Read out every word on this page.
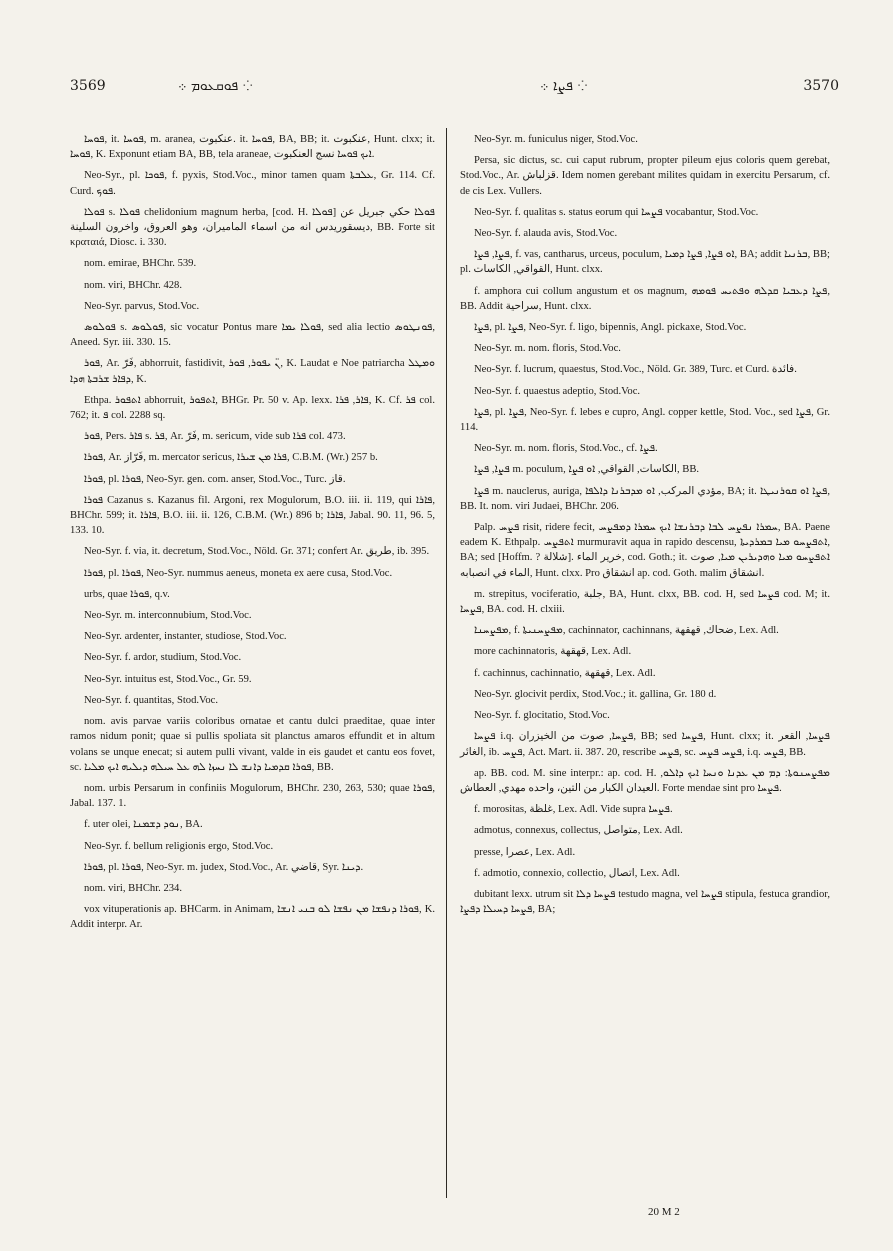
3569	⁘ ܦܘܩܥܘܡ ܀	⁘ ܦܨܐ ܀	3570

ܦܘܚܐ, it. ܦܘܚܐ, m. aranea, عنكبوت. it. ܦܘܚܐ, BA, BB; it. عنكبوت, Hunt. clxx; it. ܦܘܚܐ, K. Exponunt etiam BA, BB, tela araneae, ܐܝܟ ܦܘܚܐ نسج العنكبوت.

Neo-Syr., pl. ܦܘܟܐ, f. pyxis, Stod.Voc., minor tamen quam ܥܠܒܬܐ, Gr. 114. Cf. Curd. ܦܘܟ.

ܦܘܠܐ s. ܦܘܠܐ chelidonium magnum herba, [cod. H. ܦܘܠܐ] ܦܘܠܐ حكي جبريل عن ديسقوريدس انه من اسماء الماميران، وهو العروق، واخرون السلينة, BB. Forte sit κραταιά, Diosc. i. 330.

nom. emirae, BHChr. 539.

nom. viri, BHChr. 428.

Neo-Syr. parvus, Stod.Voc.

ܦܘܠܘܣ s. ܦܘܠܘܣ, sic vocatur Pontus mare ܦܘܠܐ ܝܡܐ, sed alia lectio ܦܘܢܛܘܣ, Aneed. Syr. iii. 330. 15.

ܦܘܪ, Ar. فَرّ, abhorruit, fastidivit, ܢ̈ ܝܦܘܪ, ܦܘܪ, K. Laudat e Noe patriarcha ܘܡܛܠ ܕܦܐܪ ܫܪܒܬܐ ܗܕܐ, K.

Ethpa. ܐܬܦܘܪ abhorruit, ܐܬܦܘܪ, BHGr. Pr. 50 v. Ap. lexx. ܦܐܪ, ܦܪܐ, K. Cf. ܦܪ col. 762; it. ܦ col. 2288 sq.

ܦܘܪ, Pers. ܦܐܪ s. ܦܪ, Ar. فَرّ, m. sericum, vide sub ܦܪܐ col. 473.

ܦܘܪܐ, Ar. فَرّاز, m. mercator sericus, ܦܪܐ ܡܢ ܫܝܪܐ, C.B.M. (Wr.) 257 b.

ܦܘܪܐ, pl. ܦܘܪܐ, Neo-Syr. gen. com. anser, Stod.Voc., Turc. قاز.

ܦܘܪܐ Cazanus s. Kazanus fil. Argoni, rex Mogulorum, B.O. iii. ii. 119, qui ܦܐܪܐ, BHChr. 599; it. ܦܐܪܐ, B.O. iii. ii. 126, C.B.M. (Wr.) 896 b; ܦܐܪܐ, Jabal. 90. 11, 96. 5, 133. 10.

Neo-Syr. f. via, it. decretum, Stod.Voc., Nöld. Gr. 371; confert Ar. طريق, ib. 395.

ܦܘܪܐ, pl. ܦܘܪܐ, Neo-Syr. nummus aeneus, moneta ex aere cusa, Stod.Voc.

urbs, quae ܦܘܪܐ, q.v.

Neo-Syr. m. interconnubium, Stod.Voc.

Neo-Syr. ardenter, instanter, studiose, Stod.Voc.

Neo-Syr. f. ardor, studium, Stod.Voc.

Neo-Syr. intuitus est, Stod.Voc., Gr. 59.

Neo-Syr. f. quantitas, Stod.Voc.

nom. avis parvae variis coloribus ornatae et cantu dulci praeditae, quae inter ramos nidum ponit; quae si pullis spoliata sit planctus amaros effundit et in altum volans se unque enecat; si autem pulli vivant, valde in eis gaudet et cantu eos fovet, sc. ܦܘܪܐ ܩܕܡܝܐ ܕܐܢܫ ܠܐ ܢܚܙܐ ܠܗ ܥܠ ܚܝܠܗ ܕܝܠܝܗ ܐܝܟ ܡܠܝܐ, BB.

nom. urbis Persarum in confiniis Mogulorum, BHChr. 230, 263, 530; quae ܦܘܪܐ, Jabal. 137. 1.

f. uter olei, ܢܘܕ ܕܫܡܢܐ, BA.

Neo-Syr. f. bellum religionis ergo, Stod.Voc.

ܦܘܪܐ, pl. ܦܘܪܐ, Neo-Syr. m. judex, Stod.Voc., Ar. قاضي, Syr. ܕܝܢܐ.

nom. viri, BHChr. 234.

vox vituperationis ap. BHCarm. in Animam, ܦܘܪܐ ܕܢܦܫܐ ܡܢ ܢܦܫܐ ܠܘ ܒܢܝ ܐܢܫܐ, K. Addit interpr. Ar.

Neo-Syr. m. funiculus niger, Stod.Voc.

Persa, sic dictus, sc. cui caput rubrum, propter pileum ejus coloris quem gerebat, Stod.Voc., Ar. قزلباش. Idem nomen gerebant milites quidam in exercitu Persarum, cf. de cis Lex. Vullers.

Neo-Syr. f. qualitas s. status eorum qui ܦܨܚܐ vocabantur, Stod.Voc.

Neo-Syr. f. alauda avis, Stod.Voc.

ܦܨܐ, ܦܨܐ, f. vas, cantharus, urceus, poculum, ܐܘ ܦܨܐ, ܦܨܐ ܕܡܝܐ, BA; addit ܒܪܢܝܐ, BB; pl. القواقي, الكاسات, Hunt. clxx.

f. amphora cui collum angustum et os magnum, ܦܨܐ ܕܥܒܝܐ ܩܕܠܗ ܘܦܬܝܚ ܦܘܡܗ, BB. Addit سراحية, Hunt. clxx.

ܦܨܐ, pl. ܦܨܐ, Neo-Syr. f. ligo, bipennis, Angl. pickaxe, Stod.Voc.

Neo-Syr. m. nom. floris, Stod.Voc.

Neo-Syr. f. lucrum, quaestus, Stod.Voc., Nöld. Gr. 389, Turc. et Curd. فائدة.

Neo-Syr. f. quaestus adeptio, Stod.Voc.

ܦܨܐ, pl. ܦܨܐ, Neo-Syr. f. lebes e cupro, Angl. copper kettle, Stod. Voc., sed ܦܨܐ, Gr. 114.

Neo-Syr. m. nom. floris, Stod.Voc., cf. ܦܨܐ.

ܦܨܐ, ܦܨܐ m. poculum, الكاسات, القواقي, ܐܘ ܦܨܐ, BB.

ܦܨܐ m. nauclerus, auriga, مؤدي المركب, ܐܘ ܡܕܒܪܢܐ ܕܐܠܦܐ, BA; it. ܦܨܐ ܐܘ ܩܘܪܢܝܛܐ, BB. It. nom. viri Judaei, BHChr. 206.

Palp. ܦܨܚ risit, ridere fecit, ܚܡܪܐ ܢܦܨܚ ܠܒܐ ܕܒܪܢܫܐ ܐܝܟ ܚܡܪܐ ܕܡܦܨܚ, BA. Paene eadem K. Ethpalp. ܐܬܦܨܚ murmuravit aqua in rapido descensu, ܐܬܦܨܚܘ ܡܝܐ ܒܡܪܕܝܬܐ, BA; sed [Hoffm. ? شلالة]. خرير الماء, cod. Goth.; it. ܐܬܦܨܚܘ ܡܝܐ ܘܗܕܝܪܝܢ ܡܝܐ, صوت الماء في انصبابه, Hunt. clxx. Pro انشقاق ap. cod. Goth. malim انشقاق.

m. strepitus, vociferatio, جلبة, BA, Hunt. clxx, BB. cod. H, sed ܦܨܚܐ cod. M; it. ܦܨܚܐ, BA. cod. H. clxiii.

ܡܦܨܚܢܐ, f. ܡܦܨܚܢܝܬܐ, cachinnator, cachinnans, ضحاك, قهقهة, Lex. Adl.

more cachinnatoris, قهقهة, Lex. Adl.

f. cachinnus, cachinnatio, قهقهة, Lex. Adl.

Neo-Syr. glocivit perdix, Stod.Voc.; it. gallina, Gr. 180 d.

Neo-Syr. f. glocitatio, Stod.Voc.

ܦܨܚܐ i.q. ܦܨܚܐ, صوت من الخيزران, BB; sed ܦܨܚܐ, Hunt. clxx; it. ܦܨܚܐ, القعر الغائر, ib. ܦܨܚ, Act. Mart. ii. 387. 20, rescribe ܦܨܚ, sc. ܦܨܚ ܦܨܚ, i.q. ܦܨܚ, BB.

ap. BB. cod. M. sine interpr.: ap. cod. H. ܡܦܨܚܢܘܬܐ: ܕܡ ܡܢ ܥܕܢܐ ܘܢܚܐ ܐܝܟ ܕܐܠܘ, العيدان الكبار من التين، واحده مهدي, العطاش. Forte mendae sint pro ܦܨܚܐ.

f. morositas, غلظة, Lex. Adl. Vide supra ܦܨܚܐ.

admotus, connexus, collectus, متواصل, Lex. Adl.

presse, عصرا, Lex. Adl.

f. admotio, connexio, collectio, اتصال, Lex. Adl.

dubitant lexx. utrum sit ܦܨܚܐ ܕܠܐ testudo magna, vel ܦܨܚܐ stipula, festuca grandior, ܦܨܚܐ ܕܚܝܠܐ ܕܦܨܐ, BA;

20 M 2
